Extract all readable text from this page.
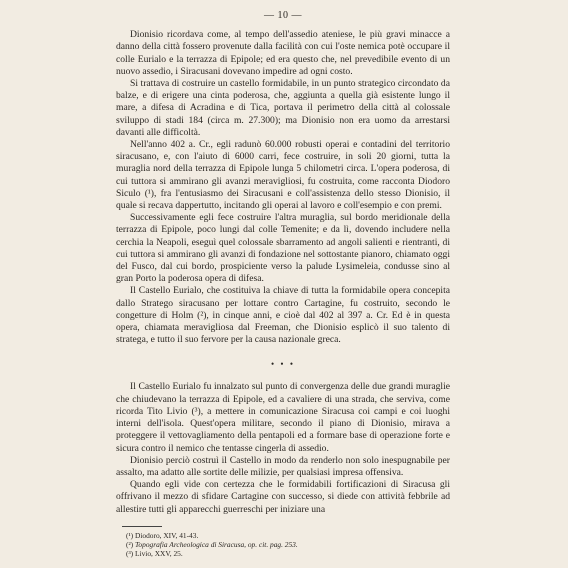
— 10 —

Dionisio ricordava come, al tempo dell'assedio ateniese, le più gravi minacce a danno della città fossero provenute dalla facilità con cui l'oste nemica potè occupare il colle Eurialo e la terrazza di Epipole; ed era questo che, nel prevedibile evento di un nuovo assedio, i Siracusani dovevano impedire ad ogni costo.

Si trattava di costruire un castello formidabile, in un punto strategico circondato da balze, e di erigere una cinta poderosa, che, aggiunta a quella già esistente lungo il mare, a difesa di Acradina e di Tica, portava il perimetro della città al colossale sviluppo di stadi 184 (circa m. 27.300); ma Dionisio non era uomo da arrestarsi davanti alle difficoltà.

Nell'anno 402 a. Cr., egli radunò 60.000 robusti operai e contadini del territorio siracusano, e, con l'aiuto di 6000 carri, fece costruire, in soli 20 giorni, tutta la muraglia nord della terrazza di Epipole lunga 5 chilometri circa. L'opera poderosa, di cui tuttora si ammirano gli avanzi meravigliosi, fu costruita, come racconta Diodoro Siculo (¹), fra l'entusiasmo dei Siracusani e coll'assistenza dello stesso Dionisio, il quale si recava dappertutto, incitando gli operai al lavoro e coll'esempio e con premi.

Successivamente egli fece costruire l'altra muraglia, sul bordo meridionale della terrazza di Epipole, poco lungi dal colle Temenite; e da lì, dovendo includere nella cerchia la Neapoli, eseguì quel colossale sbarramento ad angoli salienti e rientranti, di cui tuttora si ammirano gli avanzi di fondazione nel sottostante pianoro, chiamato oggi del Fusco, dal cui bordo, prospiciente verso la palude Lysimeleia, condusse sino al gran Porto la poderosa opera di difesa.

Il Castello Eurialo, che costituiva la chiave di tutta la formidabile opera concepita dallo Stratego siracusano per lottare contro Cartagine, fu costruito, secondo le congetture di Holm (²), in cinque anni, e cioè dal 402 al 397 a. Cr. Ed è in questa opera, chiamata meravigliosa dal Freeman, che Dionisio esplicò il suo talento di stratega, e tutto il suo fervore per la causa nazionale greca.

• • •

Il Castello Eurialo fu innalzato sul punto di convergenza delle due grandi muraglie che chiudevano la terrazza di Epipole, ed a cavaliere di una strada, che serviva, come ricorda Tito Livio (³), a mettere in comunicazione Siracusa coi campi e coi luoghi interni dell'isola. Quest'opera militare, secondo il piano di Dionisio, mirava a proteggere il vettovagliamento della pentapoli ed a formare base di operazione forte e sicura contro il nemico che tentasse cingerla di assedio.

Dionisio perciò costruì il Castello in modo da renderlo non solo inespugnabile per assalto, ma adatto alle sortite delle milizie, per qualsiasi impresa offensiva.

Quando egli vide con certezza che le formidabili fortificazioni di Siracusa gli offrivano il mezzo di sfidare Cartagine con successo, si diede con attività febbrile ad allestire tutti gli apparecchi guerreschi per iniziare una

(¹) Diodoro, XIV, 41-43.

(²) Topografia Archeologica di Siracusa, op. cit. pag. 253.

(³) Livio, XXV, 25.
